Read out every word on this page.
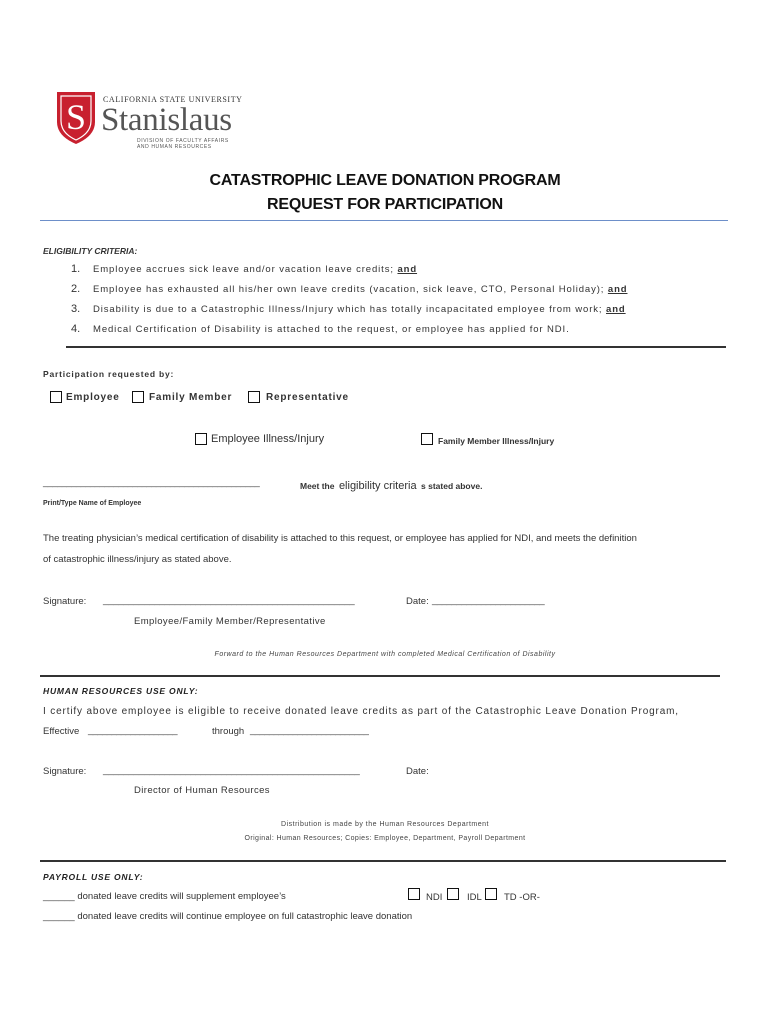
S CALIFORNIA STATE UNIVERSITY
Stanislaus
DIVISION OF FACULTY AFFAIRS
AND HUMAN RESOURCES
CATASTROPHIC LEAVE DONATION PROGRAM
REQUEST FOR PARTICIPATION
ELIGIBILITY CRITERIA:
1. Employee accrues sick leave and/or vacation leave credits; and
2. Employee has exhausted all his/her own leave credits (vacation, sick leave, CTO, Personal Holiday); and
3. Disability is due to a Catastrophic Illness/Injury which has totally incapacitated employee from work; and
4. Medical Certification of Disability is attached to the request, or employee has applied for NDI.
Participation requested by:
Employee	Family Member	Representative
Employee Illness/Injury	Family Member Illness/Injury
______________________________________________	Meet the eligibility criteria s stated above.
Print/Type Name of Employee
The treating physician’s medical certification of disability is attached to this request, or employee has applied for NDI, and meets the definition
of catastrophic illness/injury as stated above.
Signature: _________________________________________________	Date: _______________________
Employee/Family Member/Representative
Forward to the Human Resources Department with completed Medical Certification of Disability
HUMAN RESOURCES USE ONLY:
I certify above employee is eligible to receive donated leave credits as part of the Catastrophic Leave Donation Program,
Effective ___________________	through _________________________
Signature: __________________________________________________	Date:
Director of Human Resources
Distribution is made by the Human Resources Department
Original: Human Resources; Copies: Employee, Department, Payroll Department
PAYROLL USE ONLY:
______ donated leave credits will supplement employee’s	NDI	IDL TD -OR-
______ donated leave credits will continue employee on full catastrophic leave donation
